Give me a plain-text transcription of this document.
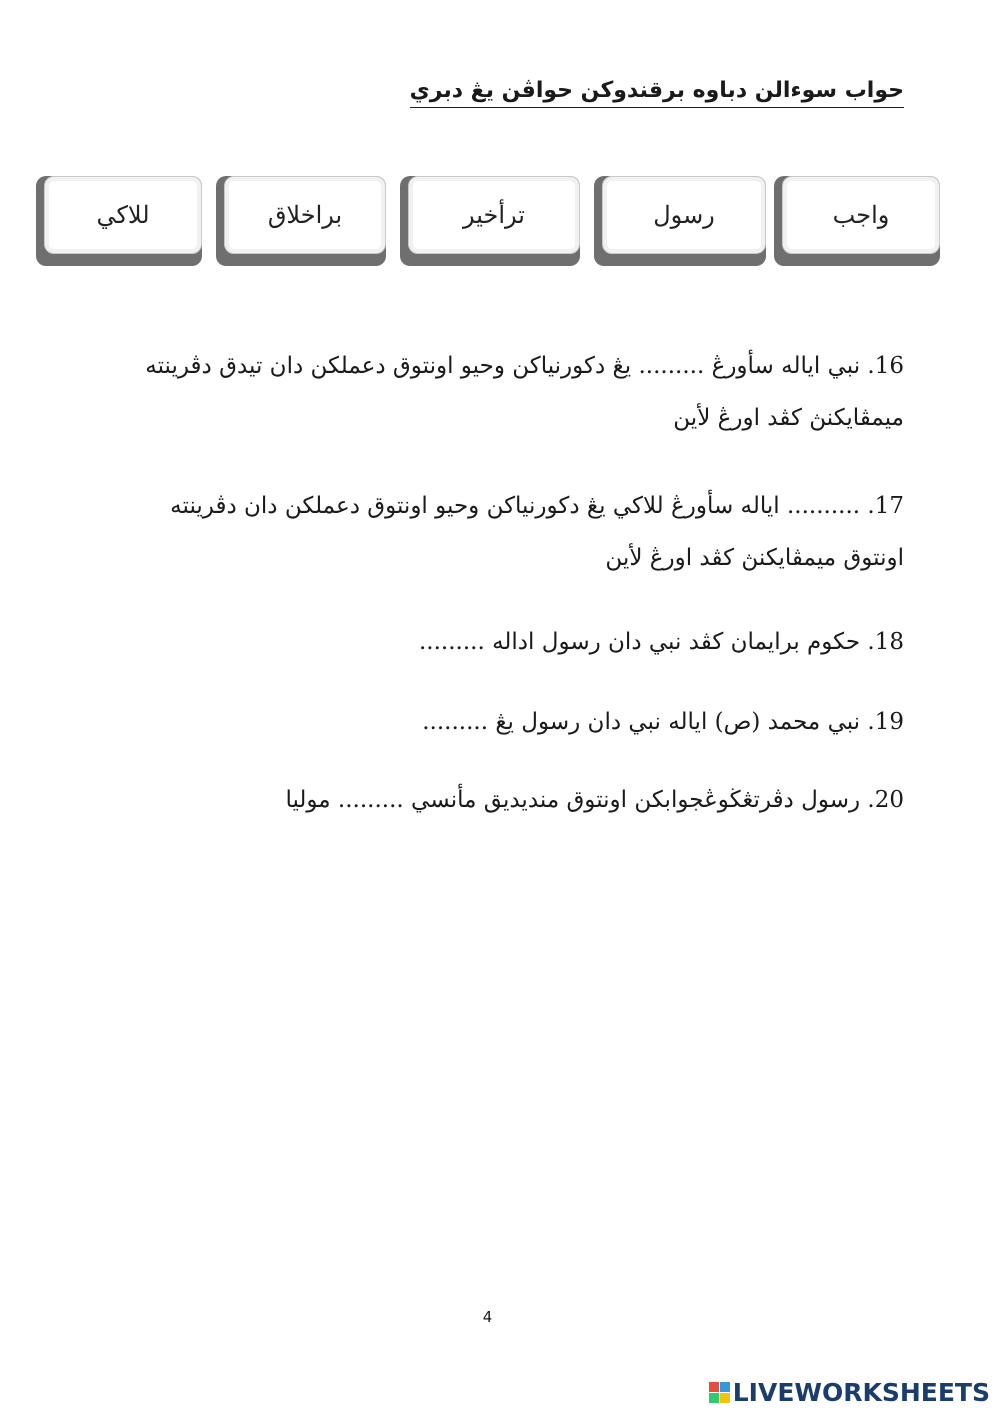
حواب سوءالن دباوه برقندوكن حواڤن يڠ دبري
للاكي	براخلاق	ترأخير	رسول	واجب
16. نبي اياله سأورڠ ......... يڠ دكورنياكن وحيو اونتوق دعملكن دان تيدق دڤرينته ميمڤايكنڽ كڤد اورڠ لأين
17. .......... اياله سأورڠ للاكي يڠ دكورنياكن وحيو اونتوق دعملكن دان دڤرينته اونتوق ميمڤايكنڽ كڤد اورڠ لأين
18. حكوم برايمان كڤد نبي دان رسول اداله .........
19. نبي محمد (ص) اياله نبي دان رسول يڠ .........
20. رسول دڤرتڠڬوڠجوابكن اونتوق منديديق مأنسي ......... موليا
4
LIVEWORKSHEETS
